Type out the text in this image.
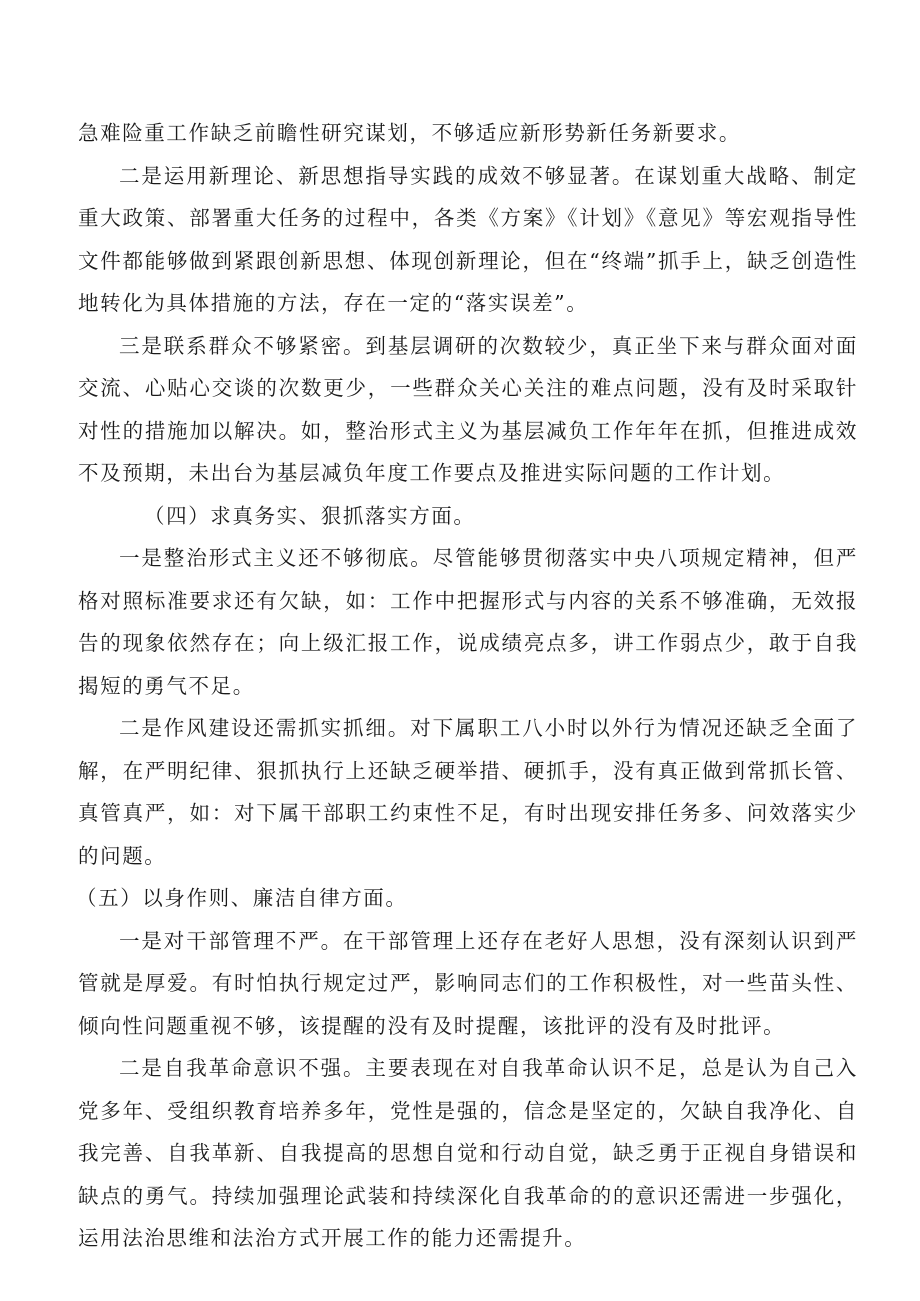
急难险重工作缺乏前瞻性研究谋划，不够适应新形势新任务新要求。

二是运用新理论、新思想指导实践的成效不够显著。在谋划重大战略、制定重大政策、部署重大任务的过程中，各类《方案》《计划》《意见》等宏观指导性文件都能够做到紧跟创新思想、体现创新理论，但在“终端”抓手上，缺乏创造性地转化为具体措施的方法，存在一定的“落实误差”。

三是联系群众不够紧密。到基层调研的次数较少，真正坐下来与群众面对面交流、心贴心交谈的次数更少，一些群众关心关注的难点问题，没有及时采取针对性的措施加以解决。如，整治形式主义为基层减负工作年年在抓，但推进成效不及预期，未出台为基层减负年度工作要点及推进实际问题的工作计划。

（四）求真务实、狠抓落实方面。

一是整治形式主义还不够彻底。尽管能够贯彻落实中央八项规定精神，但严格对照标准要求还有欠缺，如：工作中把握形式与内容的关系不够准确，无效报告的现象依然存在；向上级汇报工作，说成绩亮点多，讲工作弱点少，敢于自我揭短的勇气不足。

二是作风建设还需抓实抓细。对下属职工八小时以外行为情况还缺乏全面了解，在严明纪律、狠抓执行上还缺乏硬举措、硬抓手，没有真正做到常抓长管、真管真严，如：对下属干部职工约束性不足，有时出现安排任务多、问效落实少的问题。

（五）以身作则、廉洁自律方面。

一是对干部管理不严。在干部管理上还存在老好人思想，没有深刻认识到严管就是厚爱。有时怕执行规定过严，影响同志们的工作积极性，对一些苗头性、倾向性问题重视不够，该提醒的没有及时提醒，该批评的没有及时批评。

二是自我革命意识不强。主要表现在对自我革命认识不足，总是认为自己入党多年、受组织教育培养多年，党性是强的，信念是坚定的，欠缺自我净化、自我完善、自我革新、自我提高的思想自觉和行动自觉，缺乏勇于正视自身错误和缺点的勇气。持续加强理论武装和持续深化自我革命的的意识还需进一步强化，运用法治思维和法治方式开展工作的能力还需提升。
